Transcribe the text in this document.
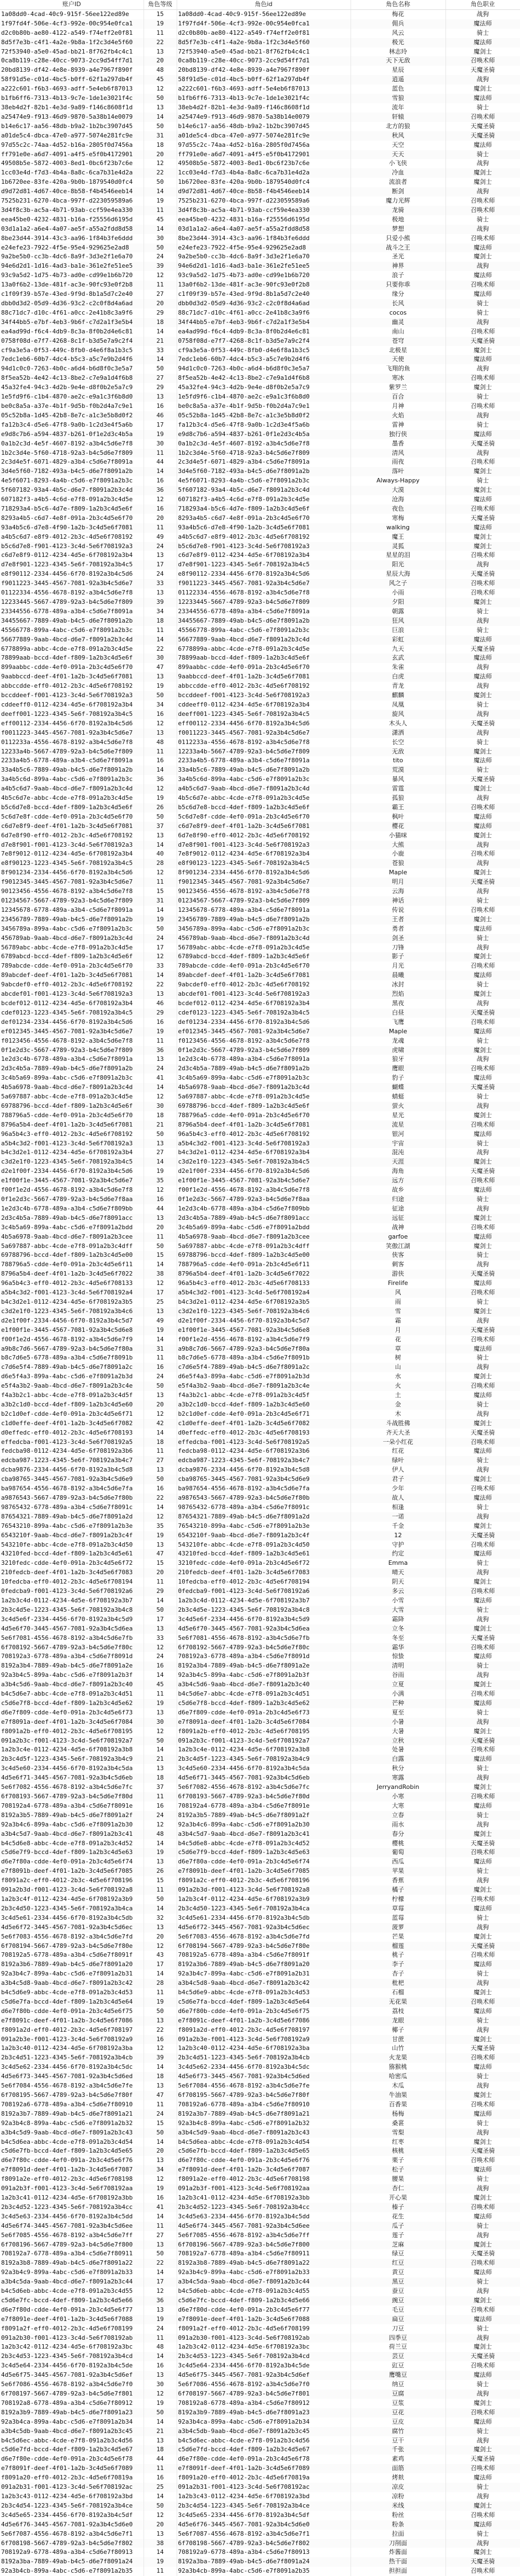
账户ID	角色等级	角色id	角色名称	角色职业
1a08dd0-4cad-40c9-915f-56ee122ed89e	15	1a08dd0-4cad-40c9-915f-56ee122ed89e	梅花	战狗
1f97fd4f-506e-4cf3-992e-00c954e0fca1	19	1f97fd4f-506e-4cf3-992e-00c954e0fca1	佣兵	魔法师
d2c0b80b-ae80-4122-a549-f74eff2e0f81	11	d2c0b80b-ae80-4122-a549-f74eff2e0f81	风云	骑士
8d5f7e3b-c4f1-4a2e-9b8a-1f2c3d4e5f60	22	8d5f7e3b-c4f1-4a2e-9b8a-1f2c3d4e5f60	极光	魔法师
72f53940-a5e0-45ad-bb21-8f762fb4c4c1	13	72f53940-a5e0-45ad-bb21-8f762fb4c4c1	林志玲	魔剑士
0ca8b119-c28e-40cc-9073-2cc9d54ff7d1	20	0ca8b119-c28e-40cc-9073-2cc9d54ff7d1	天下无敌	召唤术师
20bd8139-df42-4e8e-8939-a4e7967f890f	48	20bd8139-df42-4e8e-8939-a4e7967f890f	星辰	天魔圣骑
58f91d5e-c01d-4bc5-b0ff-62f1a297db4f	45	58f91d5e-c01d-4bc5-b0ff-62f1a297db4f	逍遥	战狗
a222c601-f6b3-4693-adff-5e4eb6f87013	12	a222c601-f6b3-4693-adff-5e4eb6f87013	蓝色	魔剑士
b1fb6ff6-7313-4b13-9c7e-1de1e3021f4c	50	b1fb6ff6-7313-4b13-9c7e-1de1e3021f4c	雪狼	魔法师
38eb4d2f-82b1-4e3d-9a89-f146c8608f1d	13	38eb4d2f-82b1-4e3d-9a89-f146c8608f1d	流年	骑士
a25474e9-f913-46d9-9870-5a38b14e0079	14	a25474e9-f913-46d9-9870-5a38b14e0079	轩辕	召唤术师
b14e6c17-aa56-48db-b9a2-1b2bc3907d45	50	b14e6c17-aa56-48db-b9a2-1b2bc3907d45	北方的狼	天魔圣骑
a01de5c4-dbca-47e0-a977-5074e281fc9e	31	a01de5c4-dbca-47e0-a977-5074e281fc9e	秋风	天魔圣骑
97d55c2c-74aa-4d52-b16a-2805f0d7456a	18	97d55c2c-74aa-4d52-b16a-2805f0d7456a	天空	魔法师
ff791e0e-a6d7-4091-a4f5-e5f0b4172901	20	ff791e0e-a6d7-4091-a4f5-e5f0b4172901	天天	骑士
49508b5e-5872-4003-8ed1-0bc6f23b7c6e	12	49508b5e-5872-4003-8ed1-0bc6f23b7c6e	小飞侠	战狗
1cc03e4d-f7d3-4b4a-8a8c-6ca7b31e4d2a	22	1cc03e4d-f7d3-4b4a-8a8c-6ca7b31e4d2a	冷血	魔剑士
1b6720ee-83fe-420a-9b0b-1879540d0fc4	50	1b6720ee-83fe-420a-9b0b-1879540d0fc4	流浪者	魔剑士
d9d72d81-4d67-40ce-8b58-f4b4546eeb14	14	d9d72d81-4d67-40ce-8b58-f4b4546eeb14	断剑	战狗
7525b231-6270-4bca-997f-d223059589a6	19	7525b231-6270-4bca-997f-d223059589a6	魔力光辉	召唤术师
3d4f8c3b-ac5a-4b71-93ab-ccf59e4ea330	11	3d4f8c3b-ac5a-4b71-93ab-ccf59e4ea330	龙骑	召唤术师
eea45be0-4232-4831-b16a-f25556d6195d	45	eea45be0-4232-4831-b16a-f25556d6195d	极地	骑士
03d1a1a2-a6e4-4a07-ae5f-a55a2fdd8d58	14	03d1a1a2-a6e4-4a07-ae5f-a55a2fdd8d58	梦想	战狗
8be23d44-3914-43c3-aa96-1f84b3fe6ddd	30	8be23d44-3914-43c3-aa96-1f84b3fe6ddd	只爱小熊	召唤术师
e24efe23-7922-4f5e-95e4-929625e2ad8	50	e24efe23-7922-4f5e-95e4-929625e2ad8	战斗之王	魔法师
9a2be5b0-cc3b-4dc6-8a9f-3d3e2f1e6a70	24	9a2be5b0-cc3b-4dc6-8a9f-3d3e2f1e6a70	圣光	魔剑士
94e6d2d1-1d16-4ad3-ba1e-361e2fe51ee5	39	94e6d2d1-1d16-4ad3-ba1e-361e2fe51ee5	神界	战狗
93c9a5d2-1d75-4b73-ad0e-cd99e1b6b720	12	93c9a5d2-1d75-4b73-ad0e-cd99e1b6b720	浪子	魔法师
13a0f6b2-13de-481f-ac3e-90fc93e0f2b8	11	13a0f6b2-13de-481f-ac3e-90fc93e0f2b8	只要你乖	召唤术师
c1f09f39-b57e-43ed-9f9d-8b1a5d7c2e40	27	c1f09f39-b57e-43ed-9f9d-8b1a5d7c2e40	缘分	魔法师
dbb0d3d2-05d9-4d36-93c2-c2c0f8d4a6ad	20	dbb0d3d2-05d9-4d36-93c2-c2c0f8d4a6ad	长风	骑士
88c71dc7-d10c-4f61-a0cc-2e41b8c3a9f6	29	88c71dc7-d10c-4f61-a0cc-2e41b8c3a9f6	cocos	骑士
34f44bb5-e7bf-4eb3-9b6f-c7d2a1f3e5b4	18	34f44bb5-e7bf-4eb3-9b6f-c7d2a1f3e5b4	幽灵	战狗
ea4ad99d-f6c4-4db9-8c3a-8f0b2d4e6c81	14	ea4ad99d-f6c4-4db9-8c3a-8f0b2d4e6c81	南山	召唤术师
0758f08d-e7f7-4268-8c1f-b3d5e7a9c2f4	21	0758f08d-e7f7-4268-8c1f-b3d5e7a9c2f4	苍穹	天魔圣骑
cf9a3e5a-0f53-449c-8fb0-d4e6f8a1b3c5	33	cf9a3e5a-0f53-449c-8fb0-d4e6f8a1b3c5	北极星	魔剑士
7edc1eb6-60b7-4dc4-b5c3-a5c7e9b2d4f6	14	7edc1eb6-60b7-4dc4-b5c3-a5c7e9b2d4f6	天使	魔法师
94d1c0c0-7263-4b0c-a6d4-b6d8f0c3e5a7	50	94d1c0c0-7263-4b0c-a6d4-b6d8f0c3e5a7	飞翔的鱼	战狗
8f5ea52b-4e42-4c13-8be2-c7e9a1d4f6b8	27	8f5ea52b-4e42-4c13-8be2-c7e9a1d4f6b8	寒冰	召唤术师
45a32fe4-94c3-4d2b-9e4e-d8f0b2e5a7c9	29	45a32fe4-94c3-4d2b-9e4e-d8f0b2e5a7c9	紫罗兰	魔剑士
1e5fd9f6-c1b4-4870-ae2c-e9a1c3f6b8d0	13	1e5fd9f6-c1b4-4870-ae2c-e9a1c3f6b8d0	百合	骑士
be0c8a5a-a37e-4b1f-9d5b-f0b2d4a7c9e1	16	be0c8a5a-a37e-4b1f-9d5b-f0b2d4a7c9e1	月神	召唤术师
05c52b8a-1d45-42b8-8e7c-a1c3e5b8d0f2	46	05c52b8a-1d45-42b8-8e7c-a1c3e5b8d0f2	火焰	战狗
fa12b3c4-d5e6-47f8-9a0b-1c2d3e4f5a6b	17	fa12b3c4-d5e6-47f8-9a0b-1c2d3e4f5a6b	雷神	骑士
e9d8c7b6-a594-4837-b261-0f1e2d3c4b5a	19	e9d8c7b6-a594-4837-b261-0f1e2d3c4b5a	独行侠	魔法师
0a1b2c3d-4e5f-4607-8192-a3b4c5d6e7f8	30	0a1b2c3d-4e5f-4607-8192-a3b4c5d6e7f8	墨香	天魔圣骑
1b2c3d4e-5f60-4718-92a3-b4c5d6e7f809	11	1b2c3d4e-5f60-4718-92a3-b4c5d6e7f809	清风	战狗
2c3d4e5f-6071-4829-a3b4-c5d6e7f8091a	44	2c3d4e5f-6071-4829-a3b4-c5d6e7f8091a	雨夜	召唤术师
3d4e5f60-7182-493a-b4c5-d6e7f8091a2b	14	3d4e5f60-7182-493a-b4c5-d6e7f8091a2b	落叶	魔剑士
4e5f6071-8293-4a4b-c5d6-e7f8091a2b3c	16	4e5f6071-8293-4a4b-c5d6-e7f8091a2b3c	Always-Happy	骑士
5f607182-93a4-4b5c-d6e7-f8091a2b3c4d	36	5f607182-93a4-4b5c-d6e7-f8091a2b3c4d	大漠	魔剑士
607182f3-a4b5-4c6d-e7f8-091a2b3c4d5e	12	607182f3-a4b5-4c6d-e7f8-091a2b3c4d5e	沧海	魔法师
718293a4-b5c6-4d7e-f809-1a2b3c4d5e6f	16	718293a4-b5c6-4d7e-f809-1a2b3c4d5e6f	夜色	召唤术师
8293a4b5-c6d7-4e8f-091a-2b3c4d5e6f70	20	8293a4b5-c6d7-4e8f-091a-2b3c4d5e6f70	寒梅	天魔圣骑
93a4b5c6-d7e8-4f90-1a2b-3c4d5e6f7081	11	93a4b5c6-d7e8-4f90-1a2b-3c4d5e6f7081	walking	魔法师
a4b5c6d7-e8f9-4012-2b3c-4d5e6f708192	49	a4b5c6d7-e8f9-4012-2b3c-4d5e6f708192	魔王	魔剑士
b5c6d7e8-f901-4123-3c4d-5e6f708192a3	24	b5c6d7e8-f901-4123-3c4d-5e6f708192a3	灵狐	魔剑士
c6d7e8f9-0112-4234-4d5e-6f708192a3b4	13	c6d7e8f9-0112-4234-4d5e-6f708192a3b4	星星的泪	召唤术师
d7e8f901-1223-4345-5e6f-708192a3b4c5	17	d7e8f901-1223-4345-5e6f-708192a3b4c5	阳光	战狗
e8f90112-2334-4456-6f70-8192a3b4c5d6	24	e8f90112-2334-4456-6f70-8192a3b4c5d6	星辰大海	天魔圣骑
f9011223-3445-4567-7081-92a3b4c5d6e7	33	f9011223-3445-4567-7081-92a3b4c5d6e7	风之子	召唤术师
01122334-4556-4678-8192-a3b4c5d6e7f8	13	01122334-4556-4678-8192-a3b4c5d6e7f8	小雨	召唤术师
12233445-5667-4789-92a3-b4c5d6e7f809	39	12233445-5667-4789-92a3-b4c5d6e7f809	夕阳	魔剑士
23344556-6778-489a-a3b4-c5d6e7f8091a	34	23344556-6778-489a-a3b4-c5d6e7f8091a	朝露	骑士
34455667-7889-49ab-b4c5-d6e7f8091a2b	18	34455667-7889-49ab-b4c5-d6e7f8091a2b	狂风	战狗
45566778-899a-4abc-c5d6-e7f8091a2b3c	11	45566778-899a-4abc-c5d6-e7f8091a2b3c	巨浪	骑士
56677889-9aab-4bcd-d6e7-f8091a2b3c4d	14	56677889-9aab-4bcd-d6e7-f8091a2b3c4d	彩虹	魔法师
6778899a-abbc-4cde-e7f8-091a2b3c4d5e	22	6778899a-abbc-4cde-e7f8-091a2b3c4d5e	九天	天魔圣骑
78899aab-bccd-4def-f809-1a2b3c4d5e6f	30	78899aab-bccd-4def-f809-1a2b3c4d5e6f	玄武	魔法师
899aabbc-cdde-4ef0-091a-2b3c4d5e6f70	47	899aabbc-cdde-4ef0-091a-2b3c4d5e6f70	朱雀	战狗
9aabbccd-deef-4f01-1a2b-3c4d5e6f7081	13	9aabbccd-deef-4f01-1a2b-3c4d5e6f7081	白虎	魔法师
abbccdde-eff0-4012-2b3c-4d5e6f708192	19	abbccdde-eff0-4012-2b3c-4d5e6f708192	青龙	战狗
bccddeef-f001-4123-3c4d-5e6f708192a3	50	bccddeef-f001-4123-3c4d-5e6f708192a3	麒麟	魔剑士
cddeeff0-0112-4234-4d5e-6f708192a3b4	34	cddeeff0-0112-4234-4d5e-6f708192a3b4	凤凰	骑士
deeff001-1223-4345-5e6f-708192a3b4c5	16	deeff001-1223-4345-5e6f-708192a3b4c5	旋风	战狗
eff00112-2334-4456-6f70-8192a3b4c5d6	12	eff00112-2334-4456-6f70-8192a3b4c5d6	木头人	天魔圣骑
f0011223-3445-4567-7081-92a3b4c5d6e7	13	f0011223-3445-4567-7081-92a3b4c5d6e7	潇洒	战狗
0112233a-4556-4678-8192-a3b4c5d6e7f8	48	0112233a-4556-4678-8192-a3b4c5d6e7f8	长空	骑士
12233a4b-5667-4789-92a3-b4c5d6e7f809	11	12233a4b-5667-4789-92a3-b4c5d6e7f809	无敌	魔剑士
2233a4b5-6778-489a-a3b4-c5d6e7f8091a	16	2233a4b5-6778-489a-a3b4-c5d6e7f8091a	tito	魔法师
33a4b5c6-7889-49ab-b4c5-d6e7f8091a2b	14	33a4b5c6-7889-49ab-b4c5-d6e7f8091a2b	荒漠	骑士
3a4b5c6d-899a-4abc-c5d6-e7f8091a2b3c	36	3a4b5c6d-899a-4abc-c5d6-e7f8091a2b3c	暴风	天魔圣骑
a4b5c6d7-9aab-4bcd-d6e7-f8091a2b3c4d	12	a4b5c6d7-9aab-4bcd-d6e7-f8091a2b3c4d	雷霆	魔剑士
4b5c6d7e-abbc-4cde-e7f8-091a2b3c4d5e	19	4b5c6d7e-abbc-4cde-e7f8-091a2b3c4d5e	孤狼	战狗
b5c6d7e8-bccd-4def-f809-1a2b3c4d5e6f	26	b5c6d7e8-bccd-4def-f809-1a2b3c4d5e6f	霸王	召唤术师
5c6d7e8f-cdde-4ef0-091a-2b3c4d5e6f70	50	5c6d7e8f-cdde-4ef0-091a-2b3c4d5e6f70	枫叶	魔法师
c6d7e8f9-deef-4f01-1a2b-3c4d5e6f7081	37	c6d7e8f9-deef-4f01-1a2b-3c4d5e6f7081	樱花	魔法师
6d7e8f90-eff0-4012-2b3c-4d5e6f708192	13	6d7e8f90-eff0-4012-2b3c-4d5e6f708192	小猫咪	魔剑士
d7e8f901-f001-4123-3c4d-5e6f708192a3	14	d7e8f901-f001-4123-3c4d-5e6f708192a3	大熊	战狗
7e8f9012-0112-4234-4d5e-6f708192a3b4	40	7e8f9012-0112-4234-4d5e-6f708192a3b4	小鹿	召唤术师
e8f90123-1223-4345-5e6f-708192a3b4c5	28	e8f90123-1223-4345-5e6f-708192a3b4c5	苍狼	战狗
8f901234-2334-4456-6f70-8192a3b4c5d6	12	8f901234-2334-4456-6f70-8192a3b4c5d6	Maple	魔剑士
f9012345-3445-4567-7081-92a3b4c5d6e7	11	f9012345-3445-4567-7081-92a3b4c5d6e7	明月	天魔圣骑
90123456-4556-4678-8192-a3b4c5d6e7f8	15	90123456-4556-4678-8192-a3b4c5d6e7f8	云海	战狗
01234567-5667-4789-92a3-b4c5d6e7f809	31	01234567-5667-4789-92a3-b4c5d6e7f809	神话	骑士
12345678-6778-489a-a3b4-c5d6e7f8091a	14	12345678-6778-489a-a3b4-c5d6e7f8091a	传说	召唤术师
23456789-7889-49ab-b4c5-d6e7f8091a2b	19	23456789-7889-49ab-b4c5-d6e7f8091a2b	王者	魔剑士
3456789a-899a-4abc-c5d6-e7f8091a2b3c	50	3456789a-899a-4abc-c5d6-e7f8091a2b3c	勇者	魔法师
456789ab-9aab-4bcd-d6e7-f8091a2b3c4d	24	456789ab-9aab-4bcd-d6e7-f8091a2b3c4d	剑圣	骑士
56789abc-abbc-4cde-e7f8-091a2b3c4d5e	17	56789abc-abbc-4cde-e7f8-091a2b3c4d5e	刀锋	战狗
6789abcd-bccd-4def-f809-1a2b3c4d5e6f	12	6789abcd-bccd-4def-f809-1a2b3c4d5e6f	影子	魔剑士
789abcde-cdde-4ef0-091a-2b3c4d5e6f70	33	789abcde-cdde-4ef0-091a-2b3c4d5e6f70	月光	召唤术师
89abcdef-deef-4f01-1a2b-3c4d5e6f7081	14	89abcdef-deef-4f01-1a2b-3c4d5e6f7081	晨曦	魔法师
9abcdef0-eff0-4012-2b3c-4d5e6f708192	22	9abcdef0-eff0-4012-2b3c-4d5e6f708192	冰封	骑士
abcdef01-f001-4123-3c4d-5e6f708192a3	13	abcdef01-f001-4123-3c4d-5e6f708192a3	烈焰	魔剑士
bcdef012-0112-4234-4d5e-6f708192a3b4	46	bcdef012-0112-4234-4d5e-6f708192a3b4	黑夜	战狗
cdef0123-1223-4345-5e6f-708192a3b4c5	29	cdef0123-1223-4345-5e6f-708192a3b4c5	白昼	天魔圣骑
def01234-2334-4456-6f70-8192a3b4c5d6	16	def01234-2334-4456-6f70-8192a3b4c5d6	飞鹰	召唤术师
ef012345-3445-4567-7081-92a3b4c5d6e7	19	ef012345-3445-4567-7081-92a3b4c5d6e7	Maple	魔法师
f0123456-4556-4678-8192-a3b4c5d6e7f8	11	f0123456-4556-4678-8192-a3b4c5d6e7f8	龙魂	骑士
0f1e2d3c-5667-4789-92a3-b4c5d6e7f809	36	0f1e2d3c-5667-4789-92a3-b4c5d6e7f809	虎啸	魔剑士
1e2d3c4b-6778-489a-a3b4-c5d6e7f8091a	13	1e2d3c4b-6778-489a-a3b4-c5d6e7f8091a	狼牙	战狗
2d3c4b5a-7889-49ab-b4c5-d6e7f8091a2b	24	2d3c4b5a-7889-49ab-b4c5-d6e7f8091a2b	鹰眼	召唤术师
3c4b5a69-899a-4abc-c5d6-e7f8091a2b3c	41	3c4b5a69-899a-4abc-c5d6-e7f8091a2b3c	豹子	魔法师
4b5a6978-9aab-4bcd-d6e7-f8091a2b3c4d	14	4b5a6978-9aab-4bcd-d6e7-f8091a2b3c4d	蝴蝶	天魔圣骑
5a697887-abbc-4cde-e7f8-091a2b3c4d5e	12	5a697887-abbc-4cde-e7f8-091a2b3c4d5e	蜻蜓	骑士
69788796-bccd-4def-f809-1a2b3c4d5e6f	30	69788796-bccd-4def-f809-1a2b3c4d5e6f	萤火	战狗
788796a5-cdde-4ef0-091a-2b3c4d5e6f70	18	788796a5-cdde-4ef0-091a-2b3c4d5e6f70	星光	魔剑士
8796a5b4-deef-4f01-1a2b-3c4d5e6f7081	21	8796a5b4-deef-4f01-1a2b-3c4d5e6f7081	流星	召唤术师
96a5b4c3-eff0-4012-2b3c-4d5e6f708192	50	96a5b4c3-eff0-4012-2b3c-4d5e6f708192	银河	魔法师
a5b4c3d2-f001-4123-3c4d-5e6f708192a3	13	a5b4c3d2-f001-4123-3c4d-5e6f708192a3	宇宙	骑士
b4c3d2e1-0112-4234-4d5e-6f708192a3b4	27	b4c3d2e1-0112-4234-4d5e-6f708192a3b4	混沌	战狗
c3d2e1f0-1223-4345-5e6f-708192a3b4c5	14	c3d2e1f0-1223-4345-5e6f-708192a3b4c5	天涯	魔剑士
d2e1f00f-2334-4456-6f70-8192a3b4c5d6	19	d2e1f00f-2334-4456-6f70-8192a3b4c5d6	海角	天魔圣骑
e1f00f1e-3445-4567-7081-92a3b4c5d6e7	35	e1f00f1e-3445-4567-7081-92a3b4c5d6e7	远方	召唤术师
f00f1e2d-4556-4678-8192-a3b4c5d6e7f8	12	f00f1e2d-4556-4678-8192-a3b4c5d6e7f8	故乡	魔法师
0f1e2d3c-5667-4789-92a3-b4c5d6e7f8aa	16	0f1e2d3c-5667-4789-92a3-b4c5d6e7f8aa	归途	骑士
1e2d3c4b-6778-489a-a3b4-c5d6e7f809bb	44	1e2d3c4b-6778-489a-a3b4-c5d6e7f809bb	征途	战狗
2d3c4b5a-7889-49ab-b4c5-d6e7f8091acc	13	2d3c4b5a-7889-49ab-b4c5-d6e7f8091acc	远征	魔剑士
3c4b5a69-899a-4abc-c5d6-e7f8091a2bdd	20	3c4b5a69-899a-4abc-c5d6-e7f8091a2bdd	战神	召唤术师
4b5a6978-9aab-4bcd-d6e7-f8091a2b3cee	11	4b5a6978-9aab-4bcd-d6e7-f8091a2b3cee	garfoe	魔法师
5a697887-abbc-4cde-e7f8-091a2b3c4dff	50	5a697887-abbc-4cde-e7f8-091a2b3c4dff	笑傲江湖	魔剑士
69788796-bccd-4def-f809-1a2b3c4d5e00	15	69788796-bccd-4def-f809-1a2b3c4d5e00	侠客	骑士
788796a5-cdde-4ef0-091a-2b3c4d5e6f11	14	788796a5-cdde-4ef0-091a-2b3c4d5e6f11	刺客	战狗
8796a5b4-deef-4f01-1a2b-3c4d5e6f7022	38	8796a5b4-deef-4f01-1a2b-3c4d5e6f7022	游侠	天魔圣骑
96a5b4c3-eff0-4012-2b3c-4d5e6f708133	12	96a5b4c3-eff0-4012-2b3c-4d5e6f708133	Firelife	魔法师
a5b4c3d2-f001-4123-3c4d-5e6f708192a4	17	a5b4c3d2-f001-4123-3c4d-5e6f708192a4	风	召唤术师
b4c3d2e1-0112-4234-4d5e-6f708192a3b5	25	b4c3d2e1-0112-4234-4d5e-6f708192a3b5	雨	骑士
c3d2e1f0-1223-4345-5e6f-708192a3b4c6	13	c3d2e1f0-1223-4345-5e6f-708192a3b4c6	雪	魔剑士
d2e1f00f-2334-4456-6f70-8192a3b4c5d7	49	d2e1f00f-2334-4456-6f70-8192a3b4c5d7	霜	战狗
e1f00f1e-3445-4567-7081-92a3b4c5d6e8	19	e1f00f1e-3445-4567-7081-92a3b4c5d6e8	月	天魔圣骑
f00f1e2d-4556-4678-8192-a3b4c5d6e7f9	14	f00f1e2d-4556-4678-8192-a3b4c5d6e7f9	花	召唤术师
a9b8c7d6-5667-4789-92a3-b4c5d6e7f80a	31	a9b8c7d6-5667-4789-92a3-b4c5d6e7f80a	草	魔法师
b8c7d6e5-6778-489a-a3b4-c5d6e7f8091b	11	b8c7d6e5-6778-489a-a3b4-c5d6e7f8091b	树	骑士
c7d6e5f4-7889-49ab-b4c5-d6e7f8091a2c	16	c7d6e5f4-7889-49ab-b4c5-d6e7f8091a2c	山	战狗
d6e5f4a3-899a-4abc-c5d6-e7f8091a2b3d	24	d6e5f4a3-899a-4abc-c5d6-e7f8091a2b3d	水	魔剑士
e5f4a3b2-9aab-4bcd-d6e7-f8091a2b3c4e	50	e5f4a3b2-9aab-4bcd-d6e7-f8091a2b3c4e	火	召唤术师
f4a3b2c1-abbc-4cde-e7f8-091a2b3c4d5f	13	f4a3b2c1-abbc-4cde-e7f8-091a2b3c4d5f	土	魔法师
a3b2c1d0-bccd-4def-f809-1a2b3c4d5e60	20	a3b2c1d0-bccd-4def-f809-1a2b3c4d5e60	金	骑士
b2c1d0ef-cdde-4ef0-091a-2b3c4d5e6f71	12	b2c1d0ef-cdde-4ef0-091a-2b3c4d5e6f71	木	战狗
c1d0effe-deef-4f01-1a2b-3c4d5e6f7082	42	c1d0effe-deef-4f01-1a2b-3c4d5e6f7082	斗战胜佛	魔剑士
d0effedc-eff0-4012-2b3c-4d5e6f708193	14	d0effedc-eff0-4012-2b3c-4d5e6f708193	齐天大圣	天魔圣骑
effedcba-f001-4123-3c4d-5e6f708192a5	18	effedcba-f001-4123-3c4d-5e6f708192a5	一朵小红花	召唤术师
fedcba98-0112-4234-4d5e-6f708192a3b6	11	fedcba98-0112-4234-4d5e-6f708192a3b6	红花	魔法师
edcba987-1223-4345-5e6f-708192a3b4c7	27	edcba987-1223-4345-5e6f-708192a3b4c7	绿叶	骑士
dcba9876-2334-4456-6f70-8192a3b4c5d8	13	dcba9876-2334-4456-6f70-8192a3b4c5d8	伊人	战狗
cba98765-3445-4567-7081-92a3b4c5d6e9	50	cba98765-3445-4567-7081-92a3b4c5d6e9	君子	魔剑士
ba987654-4556-4678-8192-a3b4c5d6e7fa	16	ba987654-4556-4678-8192-a3b4c5d6e7fa	少年	召唤术师
a9876543-5667-4789-92a3-b4c5d6e7f80b	22	a9876543-5667-4789-92a3-b4c5d6e7f80b	故人	魔法师
98765432-6778-489a-a3b4-c5d6e7f8091c	14	98765432-6778-489a-a3b4-c5d6e7f8091c	相逢	骑士
87654321-7889-49ab-b4c5-d6e7f8091a2d	12	87654321-7889-49ab-b4c5-d6e7f8091a2d	一诺	战狗
76543210-899a-4abc-c5d6-e7f8091a2b3e	35	76543210-899a-4abc-c5d6-e7f8091a2b3e	千金	魔剑士
6543210f-9aab-4bcd-d6e7-f8091a2b3c4f	19	6543210f-9aab-4bcd-d6e7-f8091a2b3c4f	12	天魔圣骑
543210fe-abbc-4cde-e7f8-091a2b3c4d50	13	543210fe-abbc-4cde-e7f8-091a2b3c4d50	守护	召唤术师
43210fed-bccd-4def-f809-1a2b3c4d5e61	47	43210fed-bccd-4def-f809-1a2b3c4d5e61	约定	魔法师
3210fedc-cdde-4ef0-091a-2b3c4d5e6f72	15	3210fedc-cdde-4ef0-091a-2b3c4d5e6f72	Emma	骑士
210fedcb-deef-4f01-1a2b-3c4d5e6f7083	20	210fedcb-deef-4f01-1a2b-3c4d5e6f7083	晴天	战狗
10fedcba-eff0-4012-2b3c-4d5e6f708194	11	10fedcba-eff0-4012-2b3c-4d5e6f708194	阴天	魔剑士
0fedcba9-f001-4123-3c4d-5e6f708192a6	29	0fedcba9-f001-4123-3c4d-5e6f708192a6	多云	召唤术师
1a2b3c4d-0112-4234-4d5e-6f708192a3b7	14	1a2b3c4d-0112-4234-4d5e-6f708192a3b7	小雪	魔法师
2b3c4d5e-1223-4345-5e6f-708192a3b4c8	50	2b3c4d5e-1223-4345-5e6f-708192a3b4c8	大雪	骑士
3c4d5e6f-2334-4456-6f70-8192a3b4c5d9	17	3c4d5e6f-2334-4456-6f70-8192a3b4c5d9	霜降	战狗
4d5e6f70-3445-4567-7081-92a3b4c5d6ea	13	4d5e6f70-3445-4567-7081-92a3b4c5d6ea	立冬	魔剑士
5e6f7081-4556-4678-8192-a3b4c5d6e7fb	33	5e6f7081-4556-4678-8192-a3b4c5d6e7fb	冬至	天魔圣骑
6f708192-5667-4789-92a3-b4c5d6e7f80c	12	6f708192-5667-4789-92a3-b4c5d6e7f80c	霜华	召唤术师
708192a3-6778-489a-a3b4-c5d6e7f8091d	24	708192a3-6778-489a-a3b4-c5d6e7f8091d	惊蛰	魔法师
8192a3b4-7889-49ab-b4c5-d6e7f8091a2e	16	8192a3b4-7889-49ab-b4c5-d6e7f8091a2e	清明	骑士
92a3b4c5-899a-4abc-c5d6-e7f8091a2b3f	14	92a3b4c5-899a-4abc-c5d6-e7f8091a2b3f	谷雨	战狗
a3b4c5d6-9aab-4bcd-d6e7-f8091a2b3c40	45	a3b4c5d6-9aab-4bcd-d6e7-f8091a2b3c40	立夏	魔剑士
b4c5d6e7-abbc-4cde-e7f8-091a2b3c4d51	11	b4c5d6e7-abbc-4cde-e7f8-091a2b3c4d51	小满	召唤术师
c5d6e7f8-bccd-4def-f809-1a2b3c4d5e62	19	c5d6e7f8-bccd-4def-f809-1a2b3c4d5e62	芒种	魔法师
d6e7f809-cdde-4ef0-091a-2b3c4d5e6f73	13	d6e7f809-cdde-4ef0-091a-2b3c4d5e6f73	夏至	骑士
e7f8091a-deef-4f01-1a2b-3c4d5e6f7084	30	e7f8091a-deef-4f01-1a2b-3c4d5e6f7084	小暑	战狗
f8091a2b-eff0-4012-2b3c-4d5e6f708195	12	f8091a2b-eff0-4012-2b3c-4d5e6f708195	大暑	魔剑士
091a2b3c-f001-4123-3c4d-5e6f708192a7	50	091a2b3c-f001-4123-3c4d-5e6f708192a7	立秋	天魔圣骑
1a2b3c4e-0112-4234-4d5e-6f708192a3b8	14	1a2b3c4e-0112-4234-4d5e-6f708192a3b8	处暑	召唤术师
2b3c4d5f-1223-4345-5e6f-708192a3b4c9	21	2b3c4d5f-1223-4345-5e6f-708192a3b4c9	白露	魔法师
3c4d5e60-2334-4456-6f70-8192a3b4c5da	13	3c4d5e60-2334-4456-6f70-8192a3b4c5da	秋分	骑士
4d5e6f71-3445-4567-7081-92a3b4c5d6eb	18	4d5e6f71-3445-4567-7081-92a3b4c5d6eb	寒露	战狗
5e6f7082-4556-4678-8192-a3b4c5d6e7fc	37	5e6f7082-4556-4678-8192-a3b4c5d6e7fc	JerryandRobin	魔剑士
6f708193-5667-4789-92a3-b4c5d6e7f80d	11	6f708193-5667-4789-92a3-b4c5d6e7f80d	小寒	召唤术师
708192a4-6778-489a-a3b4-c5d6e7f8091e	16	708192a4-6778-489a-a3b4-c5d6e7f8091e	大寒	魔法师
8192a3b5-7889-49ab-b4c5-d6e7f8091a2f	24	8192a3b5-7889-49ab-b4c5-d6e7f8091a2f	立春	骑士
92a3b4c6-899a-4abc-c5d6-e7f8091a2b30	12	92a3b4c6-899a-4abc-c5d6-e7f8091a2b30	雨水	战狗
a3b4c5d7-9aab-4bcd-d6e7-f8091a2b3c41	48	a3b4c5d7-9aab-4bcd-d6e7-f8091a2b3c41	春分	魔剑士
b4c5d6e8-abbc-4cde-e7f8-091a2b3c4d52	14	b4c5d6e8-abbc-4cde-e7f8-091a2b3c4d52	樱桃	天魔圣骑
c5d6e7f9-bccd-4def-f809-1a2b3c4d5e63	19	c5d6e7f9-bccd-4def-f809-1a2b3c4d5e63	葡萄	召唤术师
d6e7f80a-cdde-4ef0-091a-2b3c4d5e6f74	13	d6e7f80a-cdde-4ef0-091a-2b3c4d5e6f74	西瓜	魔法师
e7f8091b-deef-4f01-1a2b-3c4d5e6f7085	26	e7f8091b-deef-4f01-1a2b-3c4d5e6f7085	苹果	骑士
f8091a2c-eff0-4012-2b3c-4d5e6f708196	15	f8091a2c-eff0-4012-2b3c-4d5e6f708196	香蕉	战狗
091a2b3d-f001-4123-3c4d-5e6f708192a8	11	091a2b3d-f001-4123-3c4d-5e6f708192a8	橘子	魔剑士
1a2b3c4f-0112-4234-4d5e-6f708192a3b9	50	1a2b3c4f-0112-4234-4d5e-6f708192a3b9	柠檬	召唤术师
2b3c4d50-1223-4345-5e6f-708192a3b4ca	14	2b3c4d50-1223-4345-5e6f-708192a3b4ca	草莓	魔法师
3c4d5e61-2334-4456-6f70-8192a3b4c5db	32	3c4d5e61-2334-4456-6f70-8192a3b4c5db	蓝莓	骑士
4d5e6f72-3445-4567-7081-92a3b4c5d6ec	13	4d5e6f72-3445-4567-7081-92a3b4c5d6ec	菠萝	战狗
5e6f7083-4556-4678-8192-a3b4c5d6e7fd	20	5e6f7083-4556-4678-8192-a3b4c5d6e7fd	芒果	魔剑士
6f708194-5667-4789-92a3-b4c5d6e7f80e	12	6f708194-5667-4789-92a3-b4c5d6e7f80e	榴莲	天魔圣骑
708192a5-6778-489a-a3b4-c5d6e7f8091f	43	708192a5-6778-489a-a3b4-c5d6e7f8091f	桃子	召唤术师
8192a3b6-7889-49ab-b4c5-d6e7f8091a20	17	8192a3b6-7889-49ab-b4c5-d6e7f8091a20	李子	魔法师
92a3b4c7-899a-4abc-c5d6-e7f8091a2b31	14	92a3b4c7-899a-4abc-c5d6-e7f8091a2b31	杏子	骑士
a3b4c5d8-9aab-4bcd-d6e7-f8091a2b3c42	28	a3b4c5d8-9aab-4bcd-d6e7-f8091a2b3c42	枇杷	战狗
b4c5d6e9-abbc-4cde-e7f8-091a2b3c4d53	11	b4c5d6e9-abbc-4cde-e7f8-091a2b3c4d53	石榴	魔剑士
c5d6e7fa-bccd-4def-f809-1a2b3c4d5e64	19	c5d6e7fa-bccd-4def-f809-1a2b3c4d5e64	无花果	召唤术师
d6e7f80b-cdde-4ef0-091a-2b3c4d5e6f75	50	d6e7f80b-cdde-4ef0-091a-2b3c4d5e6f75	荔枝	魔法师
e7f8091c-deef-4f01-1a2b-3c4d5e6f7086	13	e7f8091c-deef-4f01-1a2b-3c4d5e6f7086	龙眼	骑士
f8091a2d-eff0-4012-2b3c-4d5e6f708197	22	f8091a2d-eff0-4012-2b3c-4d5e6f708197	椰子	战狗
091a2b3e-f001-4123-3c4d-5e6f708192a9	16	091a2b3e-f001-4123-3c4d-5e6f708192a9	甘蔗	魔剑士
1a2b3c40-0112-4234-4d5e-6f708192a3ba	12	1a2b3c40-0112-4234-4d5e-6f708192a3ba	山竹	天魔圣骑
2b3c4d51-1223-4345-5e6f-708192a3b4cb	39	2b3c4d51-1223-4345-5e6f-708192a3b4cb	火龙果	召唤术师
3c4d5e62-2334-4456-6f70-8192a3b4c5dc	14	3c4d5e62-2334-4456-6f70-8192a3b4c5dc	猕猴桃	魔法师
4d5e6f73-3445-4567-7081-92a3b4c5d6ed	18	4d5e6f73-3445-4567-7081-92a3b4c5d6ed	哈密瓜	骑士
5e6f7084-4556-4678-8192-a3b4c5d6e7fe	13	5e6f7084-4556-4678-8192-a3b4c5d6e7fe	木瓜	战狗
6f708195-5667-4789-92a3-b4c5d6e7f80f	47	6f708195-5667-4789-92a3-b4c5d6e7f80f	牛油果	魔剑士
708192a6-6778-489a-a3b4-c5d6e7f80910	11	708192a6-6778-489a-a3b4-c5d6e7f80910	百香果	召唤术师
8192a3b7-7889-49ab-b4c5-d6e7f8091a21	24	8192a3b7-7889-49ab-b4c5-d6e7f8091a21	杨梅	魔法师
92a3b4c8-899a-4abc-c5d6-e7f8091a2b32	15	92a3b4c8-899a-4abc-c5d6-e7f8091a2b32	桑葚	骑士
a3b4c5d9-9aab-4bcd-d6e7-f8091a2b3c43	50	a3b4c5d9-9aab-4bcd-d6e7-f8091a2b3c43	雪梨	战狗
b4c5d6ea-abbc-4cde-e7f8-091a2b3c4d54	14	b4c5d6ea-abbc-4cde-e7f8-091a2b3c4d54	红枣	魔剑士
c5d6e7fb-bccd-4def-f809-1a2b3c4d5e65	20	c5d6e7fb-bccd-4def-f809-1a2b3c4d5e65	核桃	天魔圣骑
d6e7f80c-cdde-4ef0-091a-2b3c4d5e6f76	13	d6e7f80c-cdde-4ef0-091a-2b3c4d5e6f76	栗子	召唤术师
e7f8091d-deef-4f01-1a2b-3c4d5e6f7087	34	e7f8091d-deef-4f01-1a2b-3c4d5e6f7087	松子	魔法师
f8091a2e-eff0-4012-2b3c-4d5e6f708198	12	f8091a2e-eff0-4012-2b3c-4d5e6f708198	腰果	骑士
091a2b3f-f001-4123-3c4d-5e6f708192aa	19	091a2b3f-f001-4123-3c4d-5e6f708192aa	杏仁	战狗
1a2b3c41-0112-4234-4d5e-6f708192a3bb	16	1a2b3c41-0112-4234-4d5e-6f708192a3bb	开心果	魔剑士
2b3c4d52-1223-4345-5e6f-708192a3b4cc	41	2b3c4d52-1223-4345-5e6f-708192a3b4cc	榛子	召唤术师
3c4d5e63-2334-4456-6f70-8192a3b4c5dd	14	3c4d5e63-2334-4456-6f70-8192a3b4c5dd	花生	魔法师
4d5e6f74-3445-4567-7081-92a3b4c5d6ee	11	4d5e6f74-3445-4567-7081-92a3b4c5d6ee	瓜子	骑士
5e6f7085-4556-4678-8192-a3b4c5d6e7ff	27	5e6f7085-4556-4678-8192-a3b4c5d6e7ff	莲子	战狗
6f708196-5667-4789-92a3-b4c5d6e7f800	13	6f708196-5667-4789-92a3-b4c5d6e7f800	芝麻	魔剑士
708192a7-6778-489a-a3b4-c5d6e7f80911	50	708192a7-6778-489a-a3b4-c5d6e7f80911	绿豆	天魔圣骑
8192a3b8-7889-49ab-b4c5-d6e7f8091a22	22	8192a3b8-7889-49ab-b4c5-d6e7f8091a22	红豆	召唤术师
92a3b4c9-899a-4abc-c5d6-e7f8091a2b33	14	92a3b4c9-899a-4abc-c5d6-e7f8091a2b33	黄豆	魔法师
a3b4c5da-9aab-4bcd-d6e7-f8091a2b3c44	17	a3b4c5da-9aab-4bcd-d6e7-f8091a2b3c44	黑豆	骑士
b4c5d6eb-abbc-4cde-e7f8-091a2b3c4d55	12	b4c5d6eb-abbc-4cde-e7f8-091a2b3c4d55	蚕豆	战狗
c5d6e7fc-bccd-4def-f809-1a2b3c4d5e66	36	c5d6e7fc-bccd-4def-f809-1a2b3c4d5e66	豌豆	魔剑士
d6e7f80d-cdde-4ef0-091a-2b3c4d5e6f77	13	d6e7f80d-cdde-4ef0-091a-2b3c4d5e6f77	毛豆	召唤术师
e7f8091e-deef-4f01-1a2b-3c4d5e6f7088	19	e7f8091e-deef-4f01-1a2b-3c4d5e6f7088	扁豆	魔法师
f8091a2f-eff0-4012-2b3c-4d5e6f708199	24	f8091a2f-eff0-4012-2b3c-4d5e6f708199	刀豆	骑士
091a2b30-f001-4123-3c4d-5e6f708192ab	11	091a2b30-f001-4123-3c4d-5e6f708192ab	四季豆	战狗
1a2b3c42-0112-4234-4d5e-6f708192a3bc	48	1a2b3c42-0112-4234-4d5e-6f708192a3bc	荷兰豆	魔剑士
2b3c4d53-1223-4345-5e6f-708192a3b4cd	14	2b3c4d53-1223-4345-5e6f-708192a3b4cd	芸豆	天魔圣骑
3c4d5e64-2334-4456-6f70-8192a3b4c5de	16	3c4d5e64-2334-4456-6f70-8192a3b4c5de	豇豆	召唤术师
4d5e6f75-3445-4567-7081-92a3b4c5d6ef	13	4d5e6f75-3445-4567-7081-92a3b4c5d6ef	鹰嘴豆	魔法师
5e6f7086-4556-4678-8192-a3b4c5d6e7f0	30	5e6f7086-4556-4678-8192-a3b4c5d6e7f0	纳豆	骑士
6f708197-5667-4789-92a3-b4c5d6e7f801	12	6f708197-5667-4789-92a3-b4c5d6e7f801	豆腐	战狗
708192a8-6778-489a-a3b4-c5d6e7f80912	19	708192a8-6778-489a-a3b4-c5d6e7f80912	豆浆	魔剑士
8192a3b9-7889-49ab-b4c5-d6e7f8091a23	50	8192a3b9-7889-49ab-b4c5-d6e7f8091a23	豆花	召唤术师
92a3b4ca-899a-4abc-c5d6-e7f8091a2b34	14	92a3b4ca-899a-4abc-c5d6-e7f8091a2b34	豆皮	魔法师
a3b4c5db-9aab-4bcd-d6e7-f8091a2b3c45	21	a3b4c5db-9aab-4bcd-d6e7-f8091a2b3c45	腐竹	骑士
b4c5d6ec-abbc-4cde-e7f8-091a2b3c4d56	13	b4c5d6ec-abbc-4cde-e7f8-091a2b3c4d56	豆干	战狗
c5d6e7fd-bccd-4def-f809-1a2b3c4d5e67	18	c5d6e7fd-bccd-4def-f809-1a2b3c4d5e67	千张	魔剑士
d6e7f80e-cdde-4ef0-091a-2b3c4d5e6f78	44	d6e7f80e-cdde-4ef0-091a-2b3c4d5e6f78	素鸡	天魔圣骑
e7f8091f-deef-4f01-1a2b-3c4d5e6f7089	11	e7f8091f-deef-4f01-1a2b-3c4d5e6f7089	面筋	召唤术师
f8091a20-eff0-4012-2b3c-4d5e6f70819a	16	f8091a20-eff0-4012-2b3c-4d5e6f70819a	烤麸	魔法师
091a2b31-f001-4123-3c4d-5e6f708192ac	25	091a2b31-f001-4123-3c4d-5e6f708192ac	凉皮	骑士
1a2b3c43-0112-4234-4d5e-6f708192a3bd	14	1a2b3c43-0112-4234-4d5e-6f708192a3bd	凉粉	战狗
2b3c4d54-1223-4345-5e6f-708192a3b4ce	50	2b3c4d54-1223-4345-5e6f-708192a3b4ce	米线	魔剑士
3c4d5e65-2334-4456-6f70-8192a3b4c5df	12	3c4d5e65-2334-4456-6f70-8192a3b4c5df	粉丝	召唤术师
4d5e6f76-3445-4567-7081-92a3b4c5d6e0	20	4d5e6f76-3445-4567-7081-92a3b4c5d6e0	粉条	魔法师
5e6f7087-4556-4678-8192-a3b4c5d6e7f1	13	5e6f7087-4556-4678-8192-a3b4c5d6e7f1	拉面	骑士
6f708198-5667-4789-92a3-b4c5d6e7f802	38	6f708198-5667-4789-92a3-b4c5d6e7f802	刀削面	战狗
708192a9-6778-489a-a3b4-c5d6e7f80913	14	708192a9-6778-489a-a3b4-c5d6e7f80913	炸酱面	魔剑士
8192a3ba-7889-49ab-b4c5-d6e7f8091a24	19	8192a3ba-7889-49ab-b4c5-d6e7f8091a24	热干面	天魔圣骑
92a3b4cb-899a-4abc-c5d6-e7f8091a2b35	11	92a3b4cb-899a-4abc-c5d6-e7f8091a2b35	担担面	召唤术师
